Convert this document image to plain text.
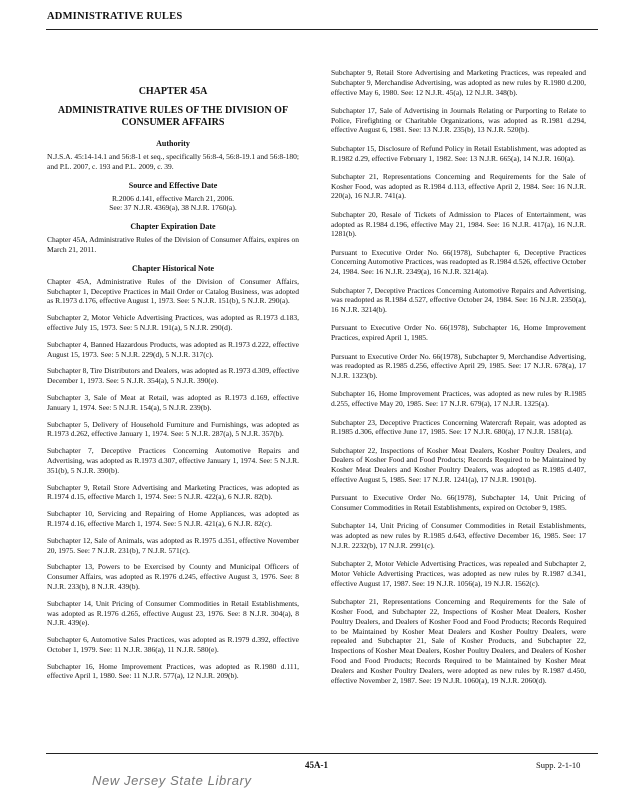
ADMINISTRATIVE RULES
CHAPTER 45A
ADMINISTRATIVE RULES OF THE DIVISION OF CONSUMER AFFAIRS
Authority

N.J.S.A. 45:14-14.1 and 56:8-1 et seq., specifically 56:8-4, 56:8-19.1 and 56:8-180; and P.L. 2007, c. 193 and P.L. 2009, c. 39.

Source and Effective Date

R.2006 d.141, effective March 21, 2006.

See: 37 N.J.R. 4369(a), 38 N.J.R. 1760(a).

Chapter Expiration Date

Chapter 45A, Administrative Rules of the Division of Consumer Affairs, expires on March 21, 2011.

Chapter Historical Note

Chapter 45A, Administrative Rules of the Division of Consumer Affairs, Subchapter 1, Deceptive Practices in Mail Order or Catalog Business, was adopted as R.1973 d.176, effective August 1, 1973. See: 5 N.J.R. 151(b), 5 N.J.R. 290(a).

Subchapter 2, Motor Vehicle Advertising Practices, was adopted as R.1973 d.183, effective July 15, 1973. See: 5 N.J.R. 191(a), 5 N.J.R. 290(d).

Subchapter 4, Banned Hazardous Products, was adopted as R.1973 d.222, effective August 15, 1973. See: 5 N.J.R. 229(d), 5 N.J.R. 317(c).

Subchapter 8, Tire Distributors and Dealers, was adopted as R.1973 d.309, effective December 1, 1973. See: 5 N.J.R. 354(a), 5 N.J.R. 390(e).

Subchapter 3, Sale of Meat at Retail, was adopted as R.1973 d.169, effective January 1, 1974. See: 5 N.J.R. 154(a), 5 N.J.R. 239(b).

Subchapter 5, Delivery of Household Furniture and Furnishings, was adopted as R.1973 d.262, effective January 1, 1974. See: 5 N.J.R. 287(a), 5 N.J.R. 357(b).

Subchapter 7, Deceptive Practices Concerning Automotive Repairs and Advertising, was adopted as R.1973 d.307, effective January 1, 1974. See: 5 N.J.R. 351(b), 5 N.J.R. 390(b).

Subchapter 9, Retail Store Advertising and Marketing Practices, was adopted as R.1974 d.15, effective March 1, 1974. See: 5 N.J.R. 422(a), 6 N.J.R. 82(b).

Subchapter 10, Servicing and Repairing of Home Appliances, was adopted as R.1974 d.16, effective March 1, 1974. See: 5 N.J.R. 421(a), 6 N.J.R. 82(c).

Subchapter 12, Sale of Animals, was adopted as R.1975 d.351, effective November 20, 1975. See: 7 N.J.R. 231(b), 7 N.J.R. 571(c).

Subchapter 13, Powers to be Exercised by County and Municipal Officers of Consumer Affairs, was adopted as R.1976 d.245, effective August 3, 1976. See: 8 N.J.R. 233(b), 8 N.J.R. 439(b).

Subchapter 14, Unit Pricing of Consumer Commodities in Retail Establishments, was adopted as R.1976 d.265, effective August 23, 1976. See: 8 N.J.R. 304(a), 8 N.J.R. 439(e).

Subchapter 6, Automotive Sales Practices, was adopted as R.1979 d.392, effective October 1, 1979. See: 11 N.J.R. 386(a), 11 N.J.R. 580(e).

Subchapter 16, Home Improvement Practices, was adopted as R.1980 d.111, effective April 1, 1980. See: 11 N.J.R. 577(a), 12 N.J.R. 209(b).

Subchapter 9, Retail Store Advertising and Marketing Practices, was repealed and Subchapter 9, Merchandise Advertising, was adopted as new rules by R.1980 d.200, effective May 6, 1980. See: 12 N.J.R. 45(a), 12 N.J.R. 348(b).

Subchapter 17, Sale of Advertising in Journals Relating or Purporting to Relate to Police, Firefighting or Charitable Organizations, was adopted as R.1981 d.294, effective August 6, 1981. See: 13 N.J.R. 235(b), 13 N.J.R. 520(b).

Subchapter 15, Disclosure of Refund Policy in Retail Establishment, was adopted as R.1982 d.29, effective February 1, 1982. See: 13 N.J.R. 665(a), 14 N.J.R. 160(a).

Subchapter 21, Representations Concerning and Requirements for the Sale of Kosher Food, was adopted as R.1984 d.113, effective April 2, 1984. See: 16 N.J.R. 220(a), 16 N.J.R. 741(a).

Subchapter 20, Resale of Tickets of Admission to Places of Entertainment, was adopted as R.1984 d.196, effective May 21, 1984. See: 16 N.J.R. 417(a), 16 N.J.R. 1281(b).

Pursuant to Executive Order No. 66(1978), Subchapter 6, Deceptive Practices Concerning Automotive Practices, was readopted as R.1984 d.526, effective October 24, 1984. See: 16 N.J.R. 2349(a), 16 N.J.R. 3214(a).

Subchapter 7, Deceptive Practices Concerning Automotive Repairs and Advertising, was readopted as R.1984 d.527, effective October 24, 1984. See: 16 N.J.R. 2350(a), 16 N.J.R. 3214(b).

Pursuant to Executive Order No. 66(1978), Subchapter 16, Home Improvement Practices, expired April 1, 1985.

Pursuant to Executive Order No. 66(1978), Subchapter 9, Merchandise Advertising, was readopted as R.1985 d.256, effective April 29, 1985. See: 17 N.J.R. 678(a), 17 N.J.R. 1323(b).

Subchapter 16, Home Improvement Practices, was adopted as new rules by R.1985 d.255, effective May 20, 1985. See: 17 N.J.R. 679(a), 17 N.J.R. 1325(a).

Subchapter 23, Deceptive Practices Concerning Watercraft Repair, was adopted as R.1985 d.306, effective June 17, 1985. See: 17 N.J.R. 680(a), 17 N.J.R. 1581(a).

Subchapter 22, Inspections of Kosher Meat Dealers, Kosher Poultry Dealers, and Dealers of Kosher Food and Food Products; Records Required to be Maintained by Kosher Meat Dealers and Kosher Poultry Dealers, was adopted as R.1985 d.407, effective August 5, 1985. See: 17 N.J.R. 1241(a), 17 N.J.R. 1901(b).

Pursuant to Executive Order No. 66(1978), Subchapter 14, Unit Pricing of Consumer Commodities in Retail Establishments, expired on October 9, 1985.

Subchapter 14, Unit Pricing of Consumer Commodities in Retail Establishments, was adopted as new rules by R.1985 d.643, effective December 16, 1985. See: 17 N.J.R. 2232(b), 17 N.J.R. 2991(c).

Subchapter 2, Motor Vehicle Advertising Practices, was repealed and Subchapter 2, Motor Vehicle Advertising Practices, was adopted as new rules by R.1987 d.341, effective August 17, 1987. See: 19 N.J.R. 1056(a), 19 N.J.R. 1562(c).

Subchapter 21, Representations Concerning and Requirements for the Sale of Kosher Food, and Subchapter 22, Inspections of Kosher Meat Dealers, Kosher Poultry Dealers, and Dealers of Kosher Food and Food Products; Records Required to be Maintained by Kosher Meat Dealers and Kosher Poultry Dealers, were repealed and Subchapter 21, Sale of Kosher Products, and Subchapter 22, Inspections of Kosher Meat Dealers, Kosher Poultry Dealers, and Dealers of Kosher Food and Food Products; Records Required to be Maintained by Kosher Meat Dealers and Kosher Poultry Dealers, were adopted as new rules by R.1987 d.450, effective November 2, 1987. See: 19 N.J.R. 1060(a), 19 N.J.R. 2060(d).

45A-1	Supp. 2-1-10
New Jersey State Library
